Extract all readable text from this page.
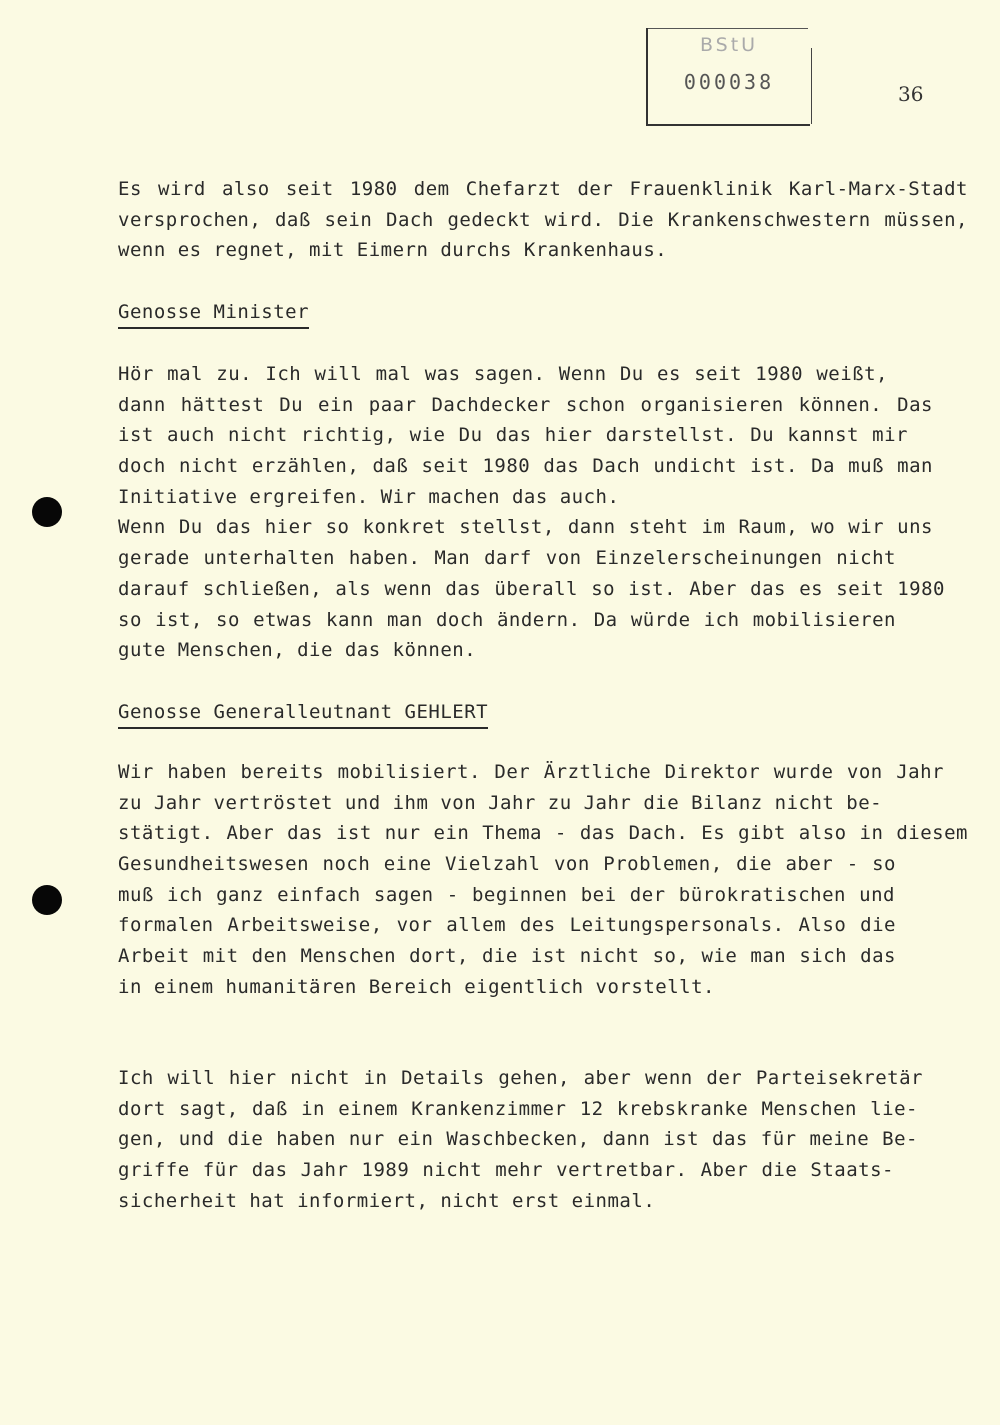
BStU
000038	36
Es wird also seit 1980 dem Chefarzt der Frauenklinik Karl-Marx-Stadt
versprochen, daß sein Dach gedeckt wird. Die Krankenschwestern müssen,
wenn es regnet, mit Eimern durchs Krankenhaus.
Genosse Minister
Hör mal zu. Ich will mal was sagen. Wenn Du es seit 1980 weißt,
dann hättest Du ein paar Dachdecker schon organisieren können. Das
ist auch nicht richtig, wie Du das hier darstellst. Du kannst mir
doch nicht erzählen, daß seit 1980 das Dach undicht ist. Da muß man
Initiative ergreifen. Wir machen das auch.
Wenn Du das hier so konkret stellst, dann steht im Raum, wo wir uns
gerade unterhalten haben. Man darf von Einzelerscheinungen nicht
darauf schließen, als wenn das überall so ist. Aber das es seit 1980
so ist, so etwas kann man doch ändern. Da würde ich mobilisieren
gute Menschen, die das können.
Genosse Generalleutnant GEHLERT
Wir haben bereits mobilisiert. Der Ärztliche Direktor wurde von Jahr
zu Jahr vertröstet und ihm von Jahr zu Jahr die Bilanz nicht be-
stätigt. Aber das ist nur ein Thema - das Dach. Es gibt also in diesem
Gesundheitswesen noch eine Vielzahl von Problemen, die aber - so
muß ich ganz einfach sagen - beginnen bei der bürokratischen und
formalen Arbeitsweise, vor allem des Leitungspersonals. Also die
Arbeit mit den Menschen dort, die ist nicht so, wie man sich das
in einem humanitären Bereich eigentlich vorstellt.
Ich will hier nicht in Details gehen, aber wenn der Parteisekretär
dort sagt, daß in einem Krankenzimmer 12 krebskranke Menschen lie-
gen, und die haben nur ein Waschbecken, dann ist das für meine Be-
griffe für das Jahr 1989 nicht mehr vertretbar. Aber die Staats-
sicherheit hat informiert, nicht erst einmal.
